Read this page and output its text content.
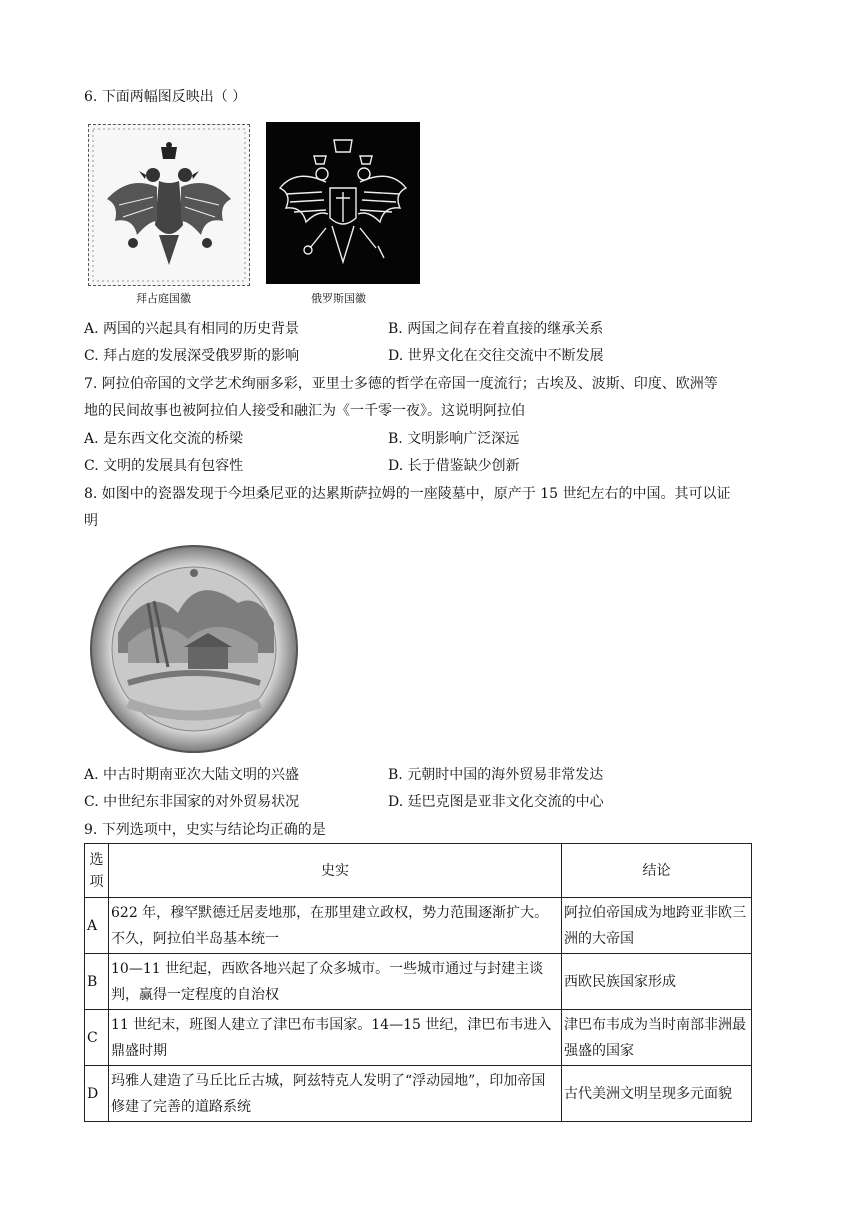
6. 下面两幅图反映出（ ）
拜占庭国徽	俄罗斯国徽
A. 两国的兴起具有相同的历史背景	B. 两国之间存在着直接的继承关系
C. 拜占庭的发展深受俄罗斯的影响	D. 世界文化在交往交流中不断发展
7. 阿拉伯帝国的文学艺术绚丽多彩，亚里士多德的哲学在帝国一度流行；古埃及、波斯、印度、欧洲等
地的民间故事也被阿拉伯人接受和融汇为《一千零一夜》。这说明阿拉伯
A. 是东西文化交流的桥梁	B. 文明影响广泛深远
C. 文明的发展具有包容性	D. 长于借鉴缺少创新
8. 如图中的瓷器发现于今坦桑尼亚的达累斯萨拉姆的一座陵墓中，原产于 15 世纪左右的中国。其可以证
明
A. 中古时期南亚次大陆文明的兴盛	B. 元朝时中国的海外贸易非常发达
C. 中世纪东非国家的对外贸易状况	D. 廷巴克图是亚非文化交流的中心
9. 下列选项中，史实与结论均正确的是
选项	史实	结论
A	622 年，穆罕默德迁居麦地那，在那里建立政权，势力范围逐渐扩大。不久，阿拉伯半岛基本统一	阿拉伯帝国成为地跨亚非欧三洲的大帝国
B	10—11 世纪起，西欧各地兴起了众多城市。一些城市通过与封建主谈判，赢得一定程度的自治权	西欧民族国家形成
C	11 世纪末，班图人建立了津巴布韦国家。14—15 世纪，津巴布韦进入鼎盛时期	津巴布韦成为当时南部非洲最强盛的国家
D	玛雅人建造了马丘比丘古城，阿兹特克人发明了“浮动园地”，印加帝国修建了完善的道路系统	古代美洲文明呈现多元面貌
